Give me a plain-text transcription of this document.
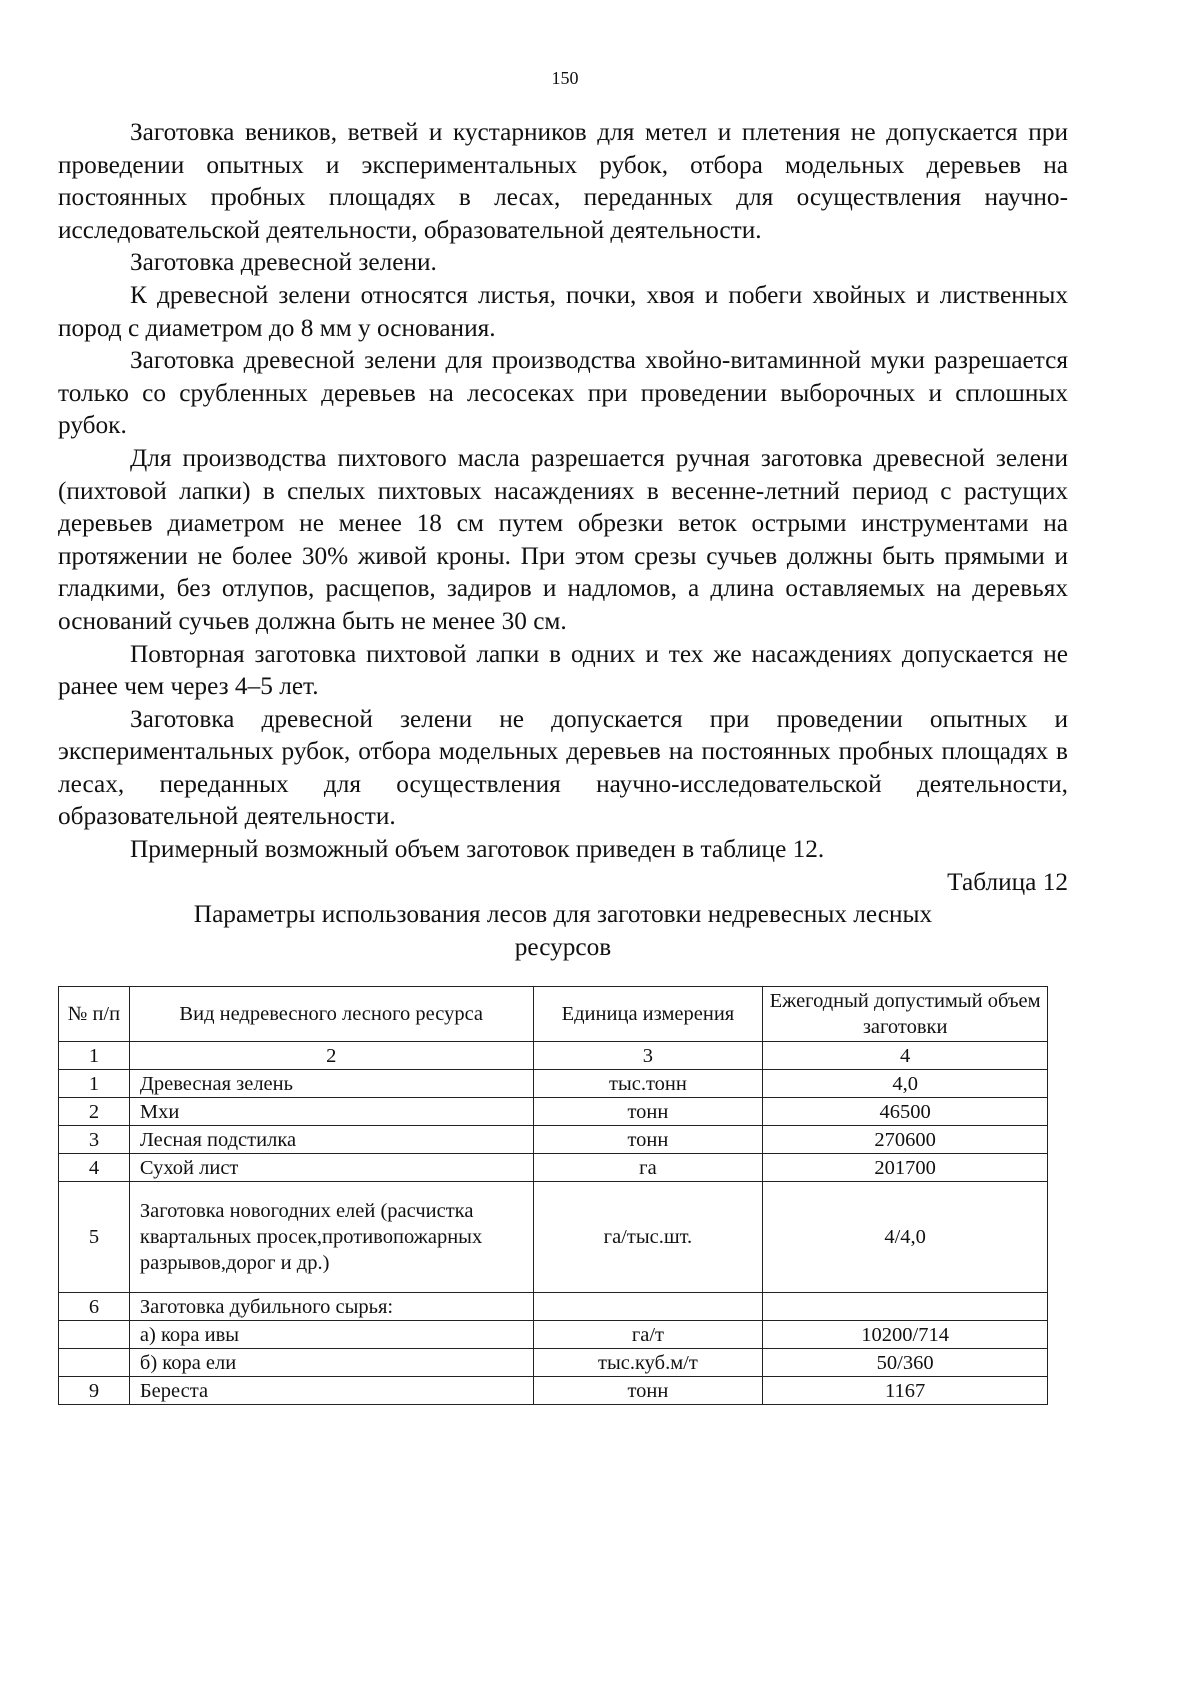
150

Заготовка веников, ветвей и кустарников для метел и плетения не допускается при проведении опытных и экспериментальных рубок, отбора модельных деревьев на постоянных пробных площадях в лесах, переданных для осуществления научно-исследовательской деятельности, образовательной деятельности.

Заготовка древесной зелени.

К древесной зелени относятся листья, почки, хвоя и побеги хвойных и лиственных пород с диаметром до 8 мм у основания.

Заготовка древесной зелени для производства хвойно-витаминной муки разрешается только со срубленных деревьев на лесосеках при проведении выборочных и сплошных рубок.

Для производства пихтового масла разрешается ручная заготовка древесной зелени (пихтовой лапки) в спелых пихтовых насаждениях в весенне-летний период с растущих деревьев диаметром не менее 18 см путем обрезки веток острыми инструментами на протяжении не более 30% живой кроны. При этом срезы сучьев должны быть прямыми и гладкими, без отлупов, расщепов, задиров и надломов, а длина оставляемых на деревьях оснований сучьев должна быть не менее 30 см.

Повторная заготовка пихтовой лапки в одних и тех же насаждениях допускается не ранее чем через 4–5 лет.

Заготовка древесной зелени не допускается при проведении опытных и экспериментальных рубок, отбора модельных деревьев на постоянных пробных площадях в лесах, переданных для осуществления научно-исследовательской деятельности, образовательной деятельности.

Примерный возможный объем заготовок приведен в таблице 12.

Таблица 12

Параметры использования лесов для заготовки недревесных лесных ресурсов

№ п/п	Вид недревесного лесного ресурса	Единица измерения	Ежегодный допустимый объем заготовки
1	2	3	4
1	Древесная зелень	тыс.тонн	4,0
2	Мхи	тонн	46500
3	Лесная подстилка	тонн	270600
4	Сухой лист	га	201700
5	Заготовка новогодних елей (расчистка квартальных просек,противопожарных разрывов,дорог и др.)	га/тыс.шт.	4/4,0
6	Заготовка дубильного сырья:		
	а) кора ивы	га/т	10200/714
	б) кора ели	тыс.куб.м/т	50/360
9	Береста	тонн	1167
